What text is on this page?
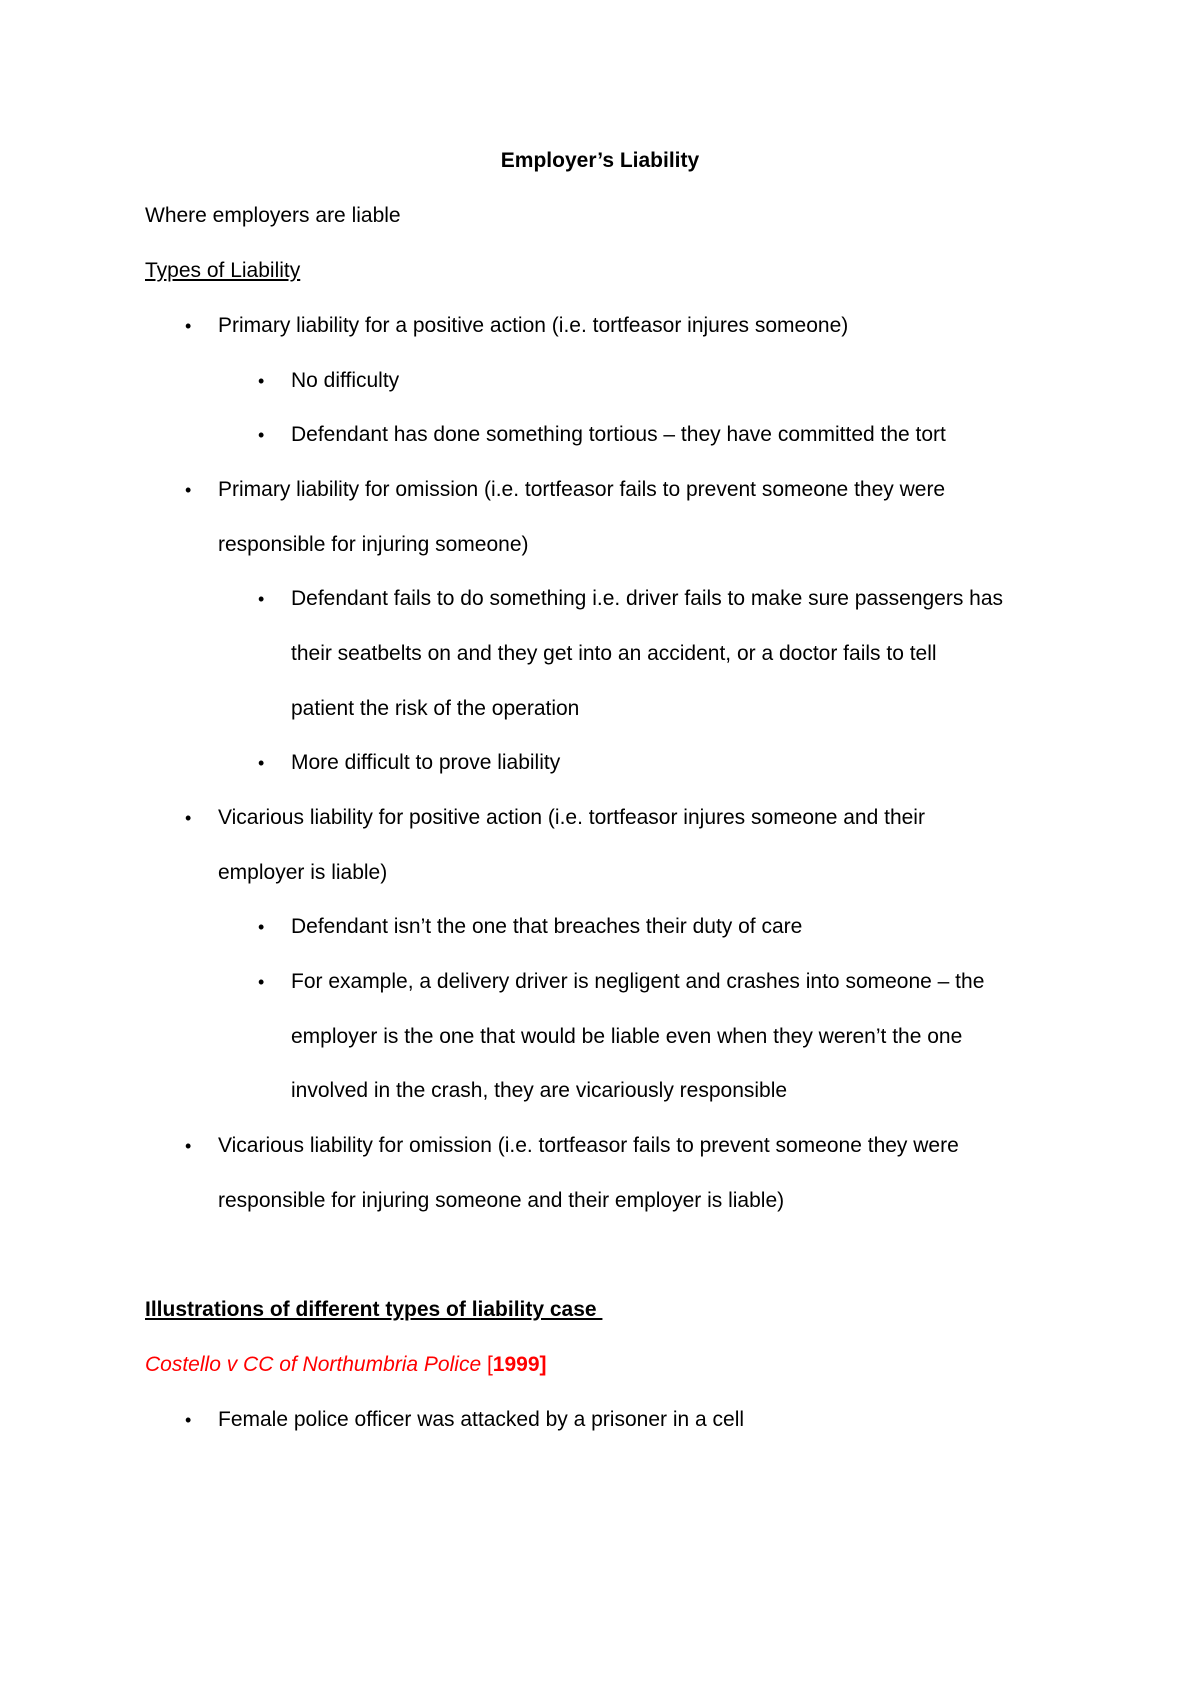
Employer’s Liability
Where employers are liable
Types of Liability
• Primary liability for a positive action (i.e. tortfeasor injures someone)
• No difficulty
• Defendant has done something tortious – they have committed the tort
• Primary liability for omission (i.e. tortfeasor fails to prevent someone they were
responsible for injuring someone)
• Defendant fails to do something i.e. driver fails to make sure passengers has
their seatbelts on and they get into an accident, or a doctor fails to tell
patient the risk of the operation
• More difficult to prove liability
• Vicarious liability for positive action (i.e. tortfeasor injures someone and their
employer is liable)
• Defendant isn’t the one that breaches their duty of care
• For example, a delivery driver is negligent and crashes into someone – the
employer is the one that would be liable even when they weren’t the one
involved in the crash, they are vicariously responsible
• Vicarious liability for omission (i.e. tortfeasor fails to prevent someone they were
responsible for injuring someone and their employer is liable)
Illustrations of different types of liability case
Costello v CC of Northumbria Police [1999]
• Female police officer was attacked by a prisoner in a cell
